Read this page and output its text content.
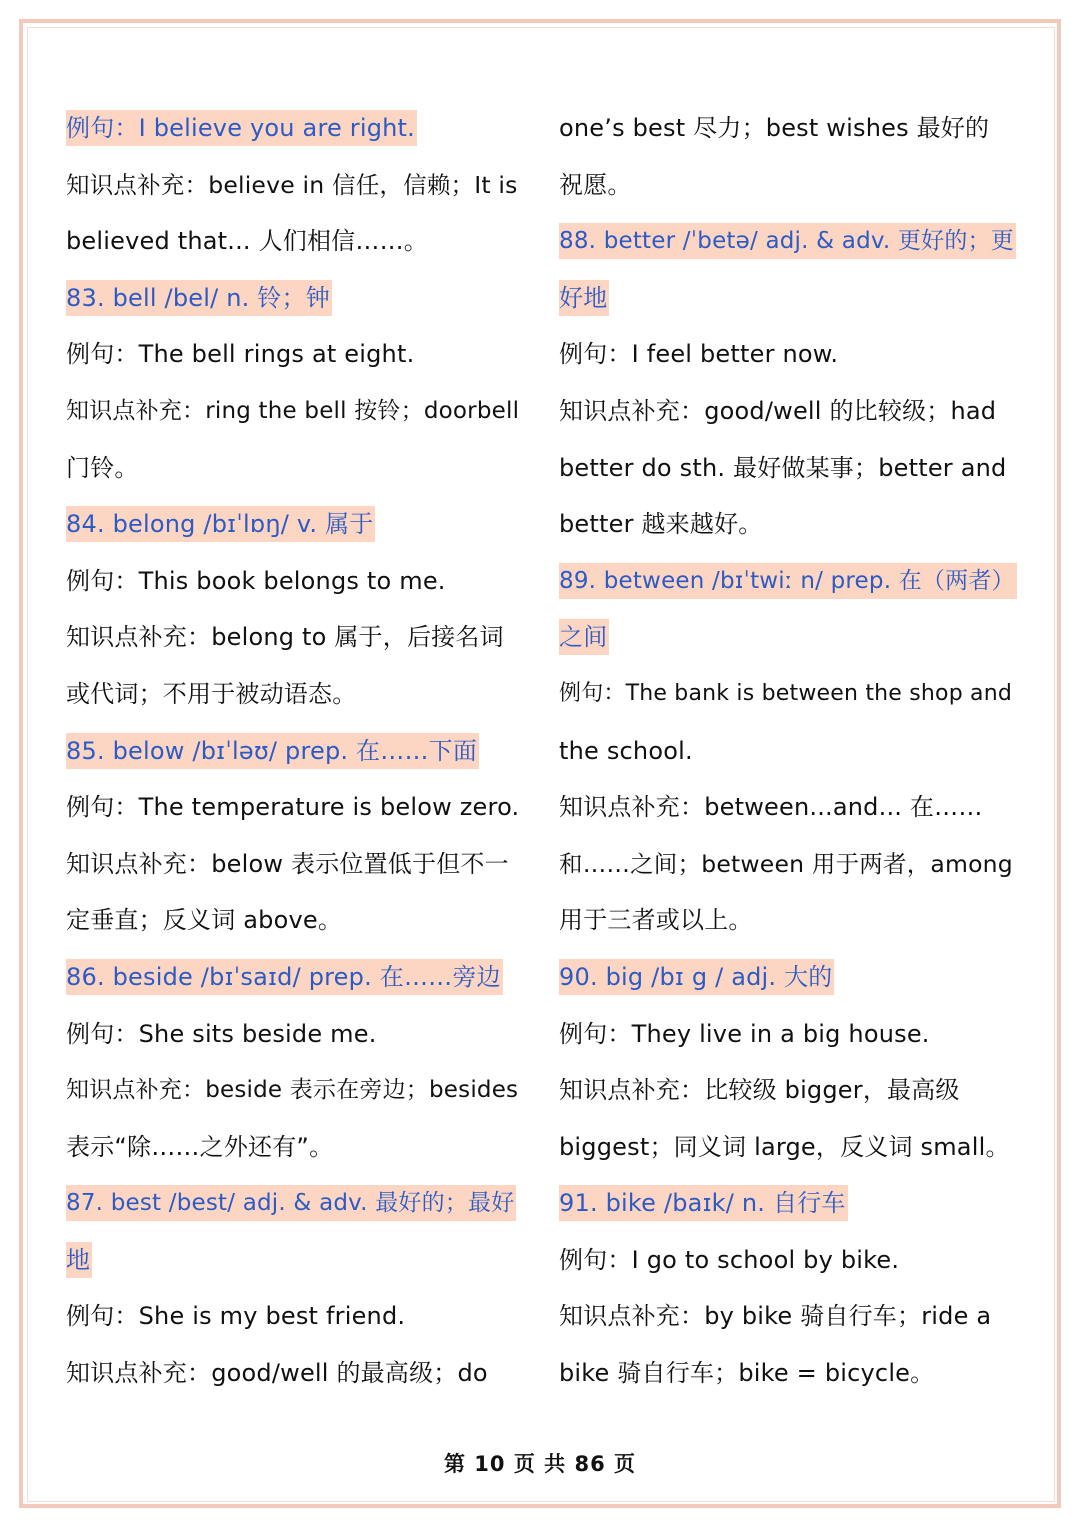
例句：I believe you are right.
知识点补充：believe in 信任，信赖；It is
believed that... 人们相信……。
83. bell /bel/ n. 铃；钟
例句：The bell rings at eight.
知识点补充：ring the bell 按铃；doorbell
门铃。
84. belong /bɪˈlɒŋ/ v. 属于
例句：This book belongs to me.
知识点补充：belong to 属于，后接名词
或代词；不用于被动语态。
85. below /bɪˈləʊ/ prep. 在……下面
例句：The temperature is below zero.
知识点补充：below 表示位置低于但不一
定垂直；反义词 above。
86. beside /bɪˈsaɪd/ prep. 在……旁边
例句：She sits beside me.
知识点补充：beside 表示在旁边；besides
表示“除……之外还有”。
87. best /best/ adj. & adv. 最好的；最好
地
例句：She is my best friend.
知识点补充：good/well 的最高级；do
one’s best 尽力；best wishes 最好的
祝愿。
88. better /ˈbetə/ adj. & adv. 更好的；更
好地
例句：I feel better now.
知识点补充：good/well 的比较级；had
better do sth. 最好做某事；better and
better 越来越好。
89. between /bɪˈtwiː n/ prep. 在（两者）
之间
例句：The bank is between the shop and
the school.
知识点补充：between...and... 在……
和……之间；between 用于两者，among
用于三者或以上。
90. big /bɪ g / adj. 大的
例句：They live in a big house.
知识点补充：比较级 bigger，最高级
biggest；同义词 large，反义词 small。
91. bike /baɪk/ n. 自行车
例句：I go to school by bike.
知识点补充：by bike 骑自行车；ride a
bike 骑自行车；bike = bicycle。
第 10 页 共 86 页
